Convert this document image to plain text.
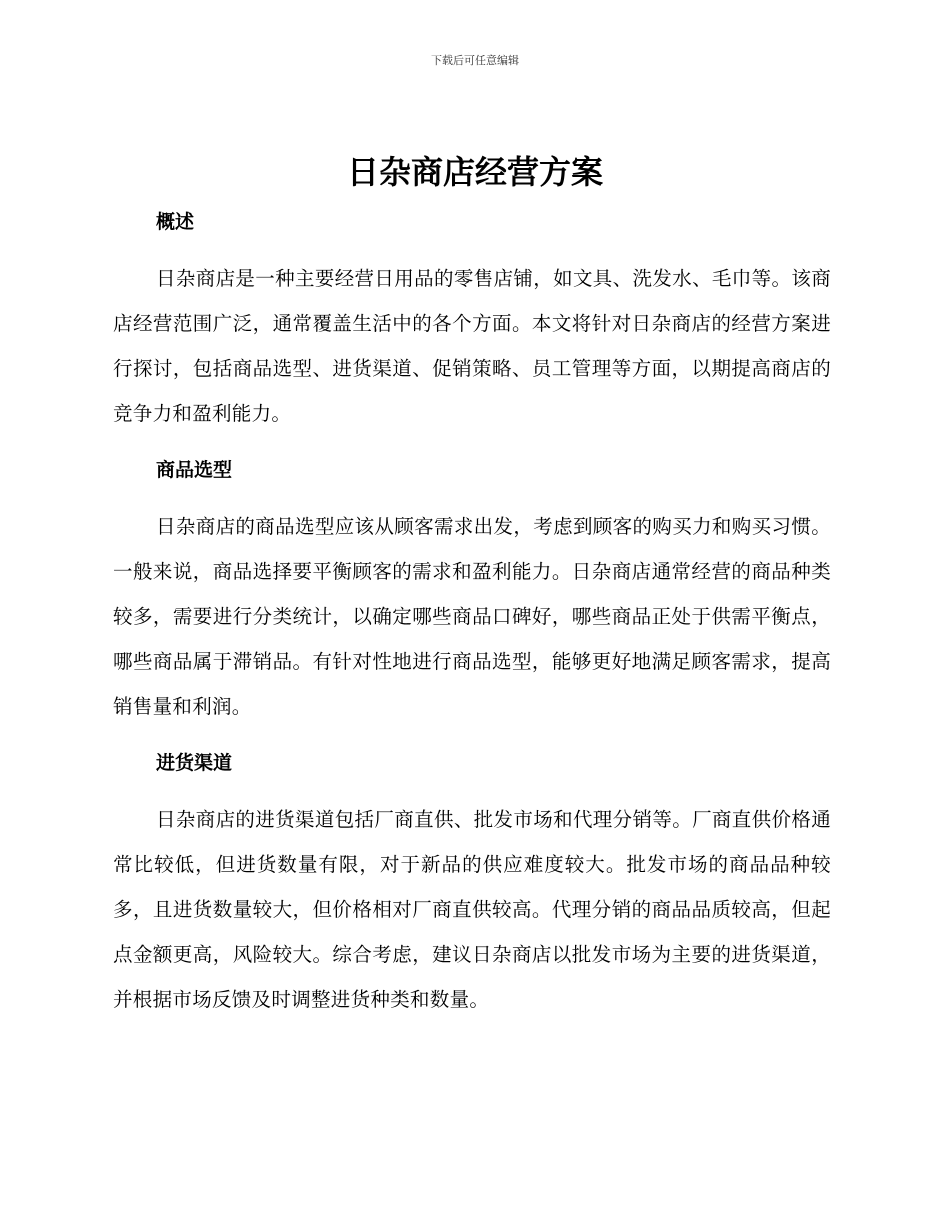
下载后可任意编辑
日杂商店经营方案
概述

日杂商店是一种主要经营日用品的零售店铺，如文具、洗发水、毛巾等。该商店经营范围广泛，通常覆盖生活中的各个方面。本文将针对日杂商店的经营方案进行探讨，包括商品选型、进货渠道、促销策略、员工管理等方面，以期提高商店的竞争力和盈利能力。

商品选型

日杂商店的商品选型应该从顾客需求出发，考虑到顾客的购买力和购买习惯。一般来说，商品选择要平衡顾客的需求和盈利能力。日杂商店通常经营的商品种类较多，需要进行分类统计，以确定哪些商品口碑好，哪些商品正处于供需平衡点，哪些商品属于滞销品。有针对性地进行商品选型，能够更好地满足顾客需求，提高销售量和利润。

进货渠道

日杂商店的进货渠道包括厂商直供、批发市场和代理分销等。厂商直供价格通常比较低，但进货数量有限，对于新品的供应难度较大。批发市场的商品品种较多，且进货数量较大，但价格相对厂商直供较高。代理分销的商品品质较高，但起点金额更高，风险较大。综合考虑，建议日杂商店以批发市场为主要的进货渠道，并根据市场反馈及时调整进货种类和数量。
